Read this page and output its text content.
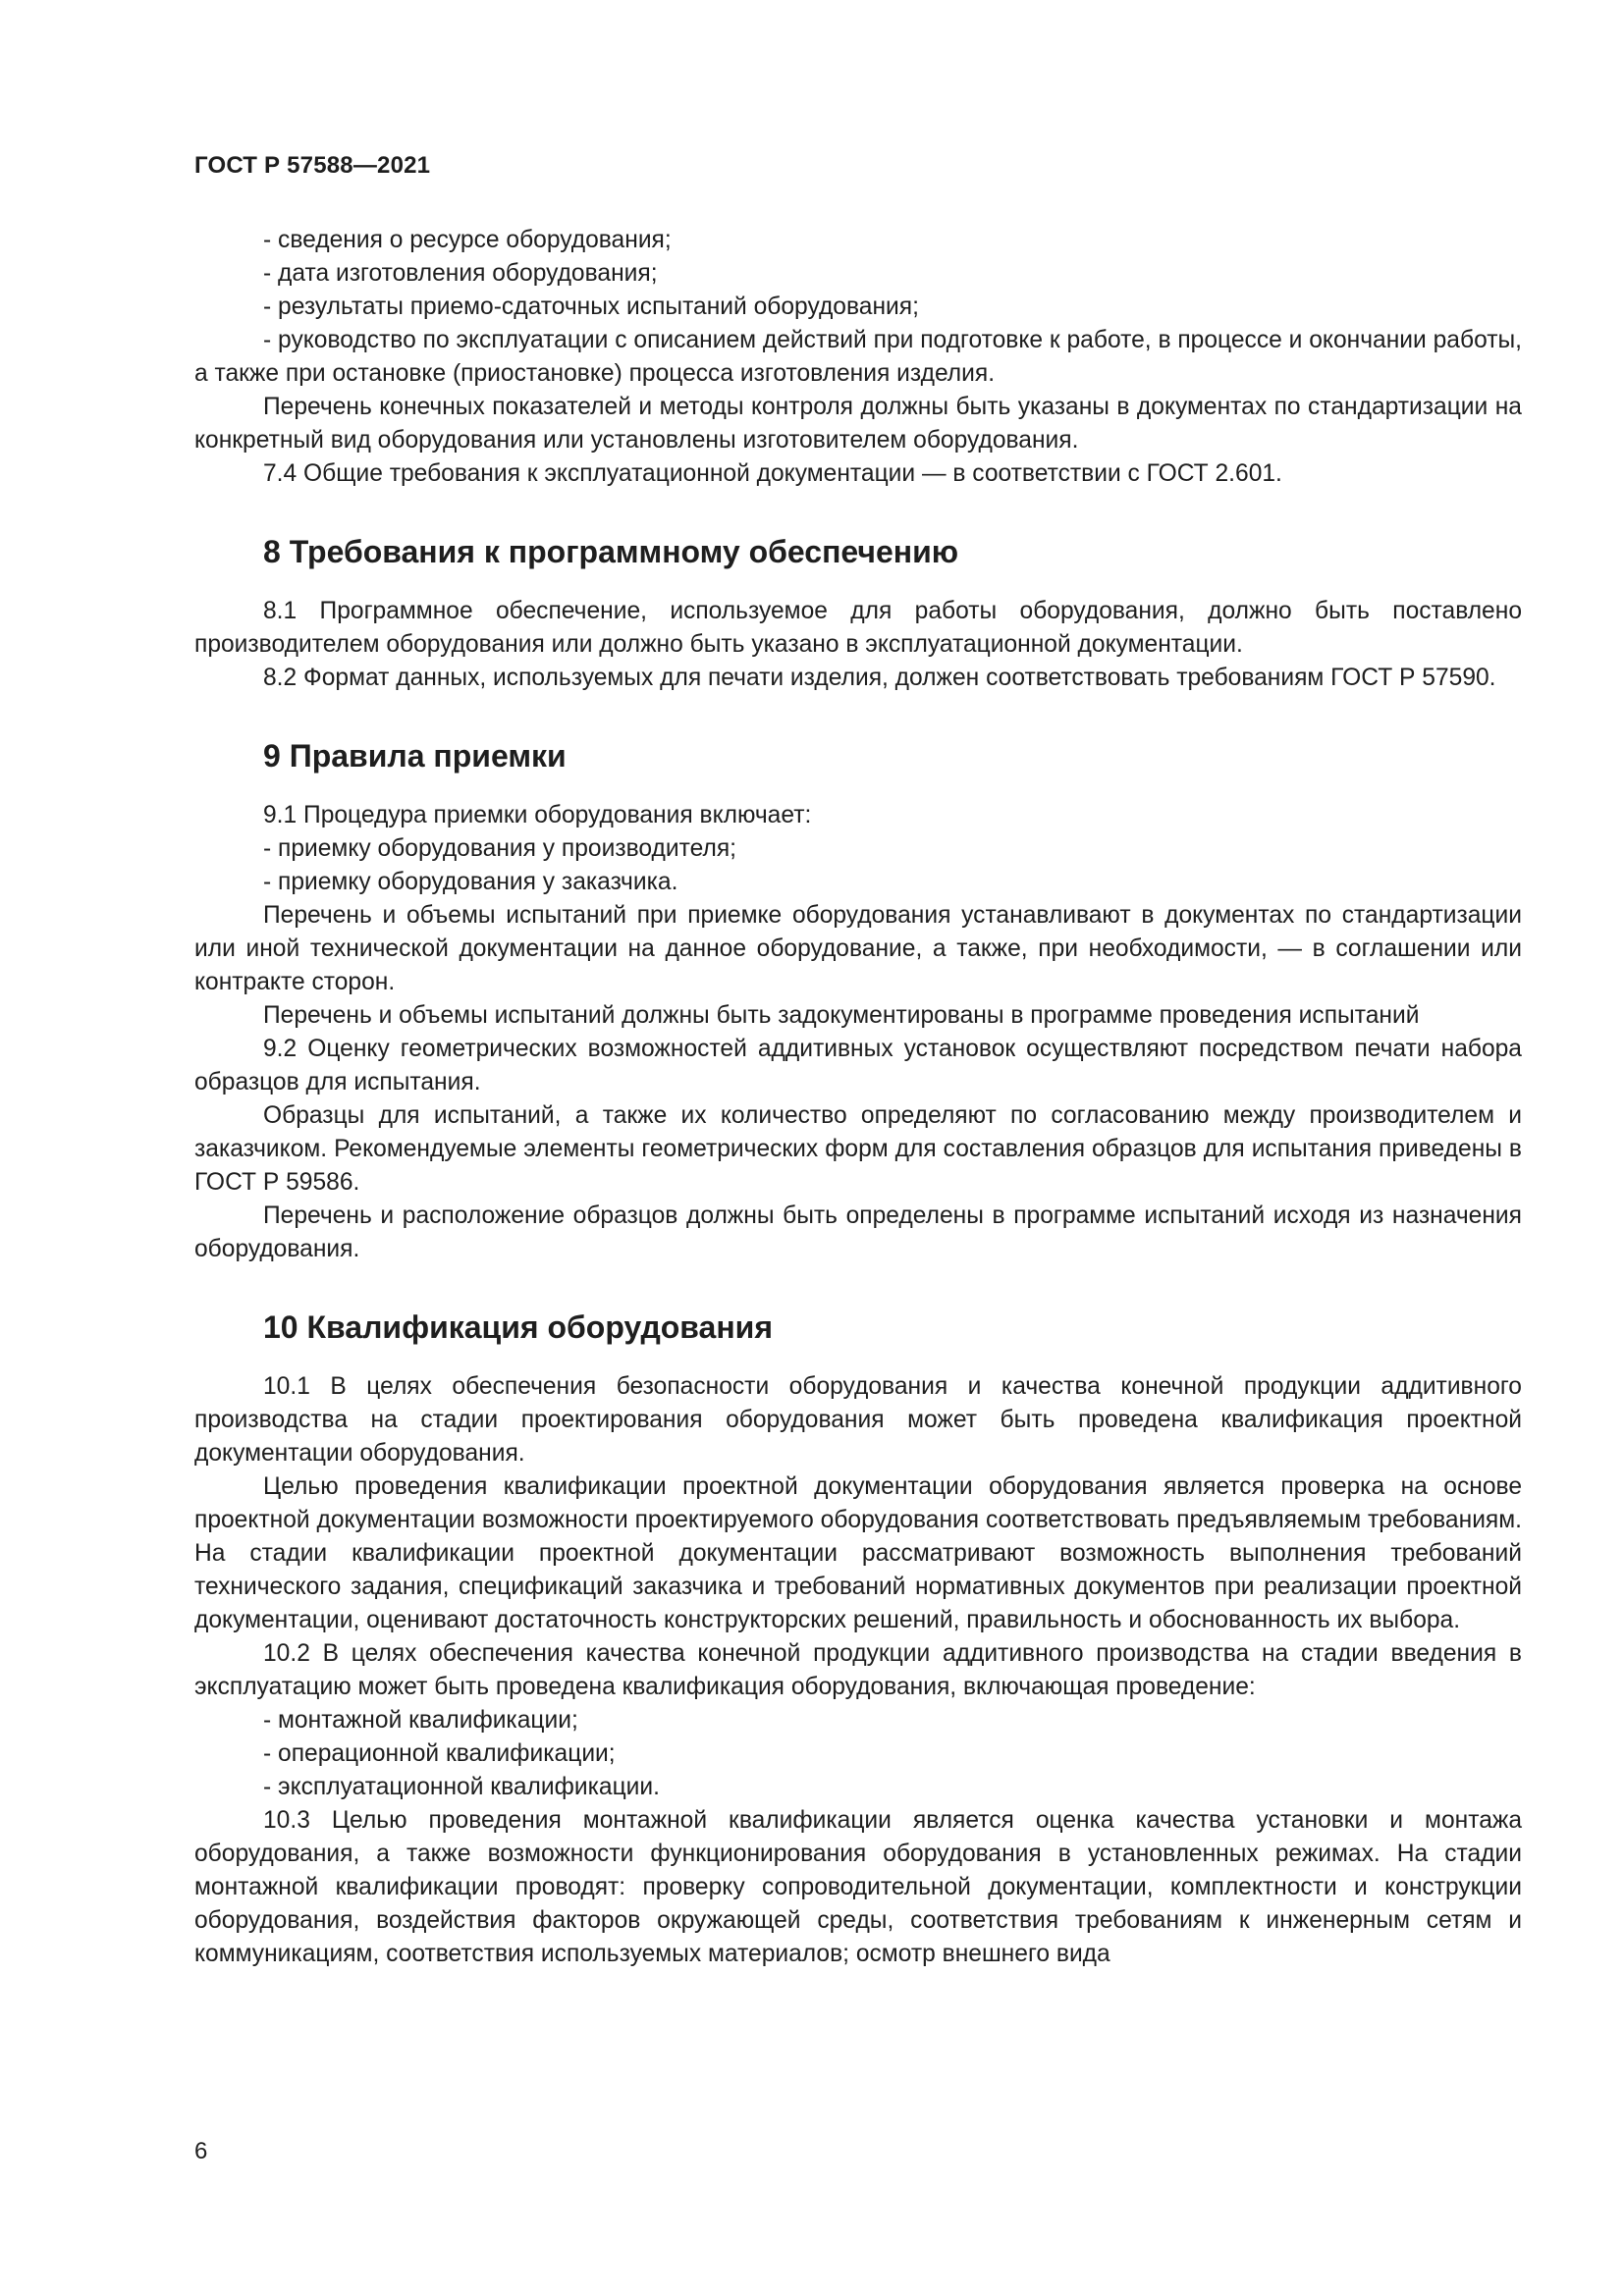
ГОСТ Р 57588—2021

- сведения о ресурсе оборудования;

- дата изготовления оборудования;

- результаты приемо-сдаточных испытаний оборудования;

- руководство по эксплуатации с описанием действий при подготовке к работе, в процессе и окончании работы, а также при остановке (приостановке) процесса изготовления изделия.

Перечень конечных показателей и методы контроля должны быть указаны в документах по стандартизации на конкретный вид оборудования или установлены изготовителем оборудования.

7.4 Общие требования к эксплуатационной документации — в соответствии с ГОСТ 2.601.

8 Требования к программному обеспечению

8.1 Программное обеспечение, используемое для работы оборудования, должно быть поставлено производителем оборудования или должно быть указано в эксплуатационной документации.

8.2 Формат данных, используемых для печати изделия, должен соответствовать требованиям ГОСТ Р 57590.

9 Правила приемки

9.1 Процедура приемки оборудования включает:

- приемку оборудования у производителя;

- приемку оборудования у заказчика.

Перечень и объемы испытаний при приемке оборудования устанавливают в документах по стандартизации или иной технической документации на данное оборудование, а также, при необходимости, — в соглашении или контракте сторон.

Перечень и объемы испытаний должны быть задокументированы в программе проведения испытаний

9.2 Оценку геометрических возможностей аддитивных установок осуществляют посредством печати набора образцов для испытания.

Образцы для испытаний, а также их количество определяют по согласованию между производителем и заказчиком. Рекомендуемые элементы геометрических форм для составления образцов для испытания приведены в ГОСТ Р 59586.

Перечень и расположение образцов должны быть определены в программе испытаний исходя из назначения оборудования.

10 Квалификация оборудования

10.1 В целях обеспечения безопасности оборудования и качества конечной продукции аддитивного производства на стадии проектирования оборудования может быть проведена квалификация проектной документации оборудования.

Целью проведения квалификации проектной документации оборудования является проверка на основе проектной документации возможности проектируемого оборудования соответствовать предъявляемым требованиям. На стадии квалификации проектной документации рассматривают возможность выполнения требований технического задания, спецификаций заказчика и требований нормативных документов при реализации проектной документации, оценивают достаточность конструкторских решений, правильность и обоснованность их выбора.

10.2 В целях обеспечения качества конечной продукции аддитивного производства на стадии введения в эксплуатацию может быть проведена квалификация оборудования, включающая проведение:

- монтажной квалификации;

- операционной квалификации;

- эксплуатационной квалификации.

10.3 Целью проведения монтажной квалификации является оценка качества установки и монтажа оборудования, а также возможности функционирования оборудования в установленных режимах. На стадии монтажной квалификации проводят: проверку сопроводительной документации, комплектности и конструкции оборудования, воздействия факторов окружающей среды, соответствия требованиям к инженерным сетям и коммуникациям, соответствия используемых материалов; осмотр внешнего вида

6
